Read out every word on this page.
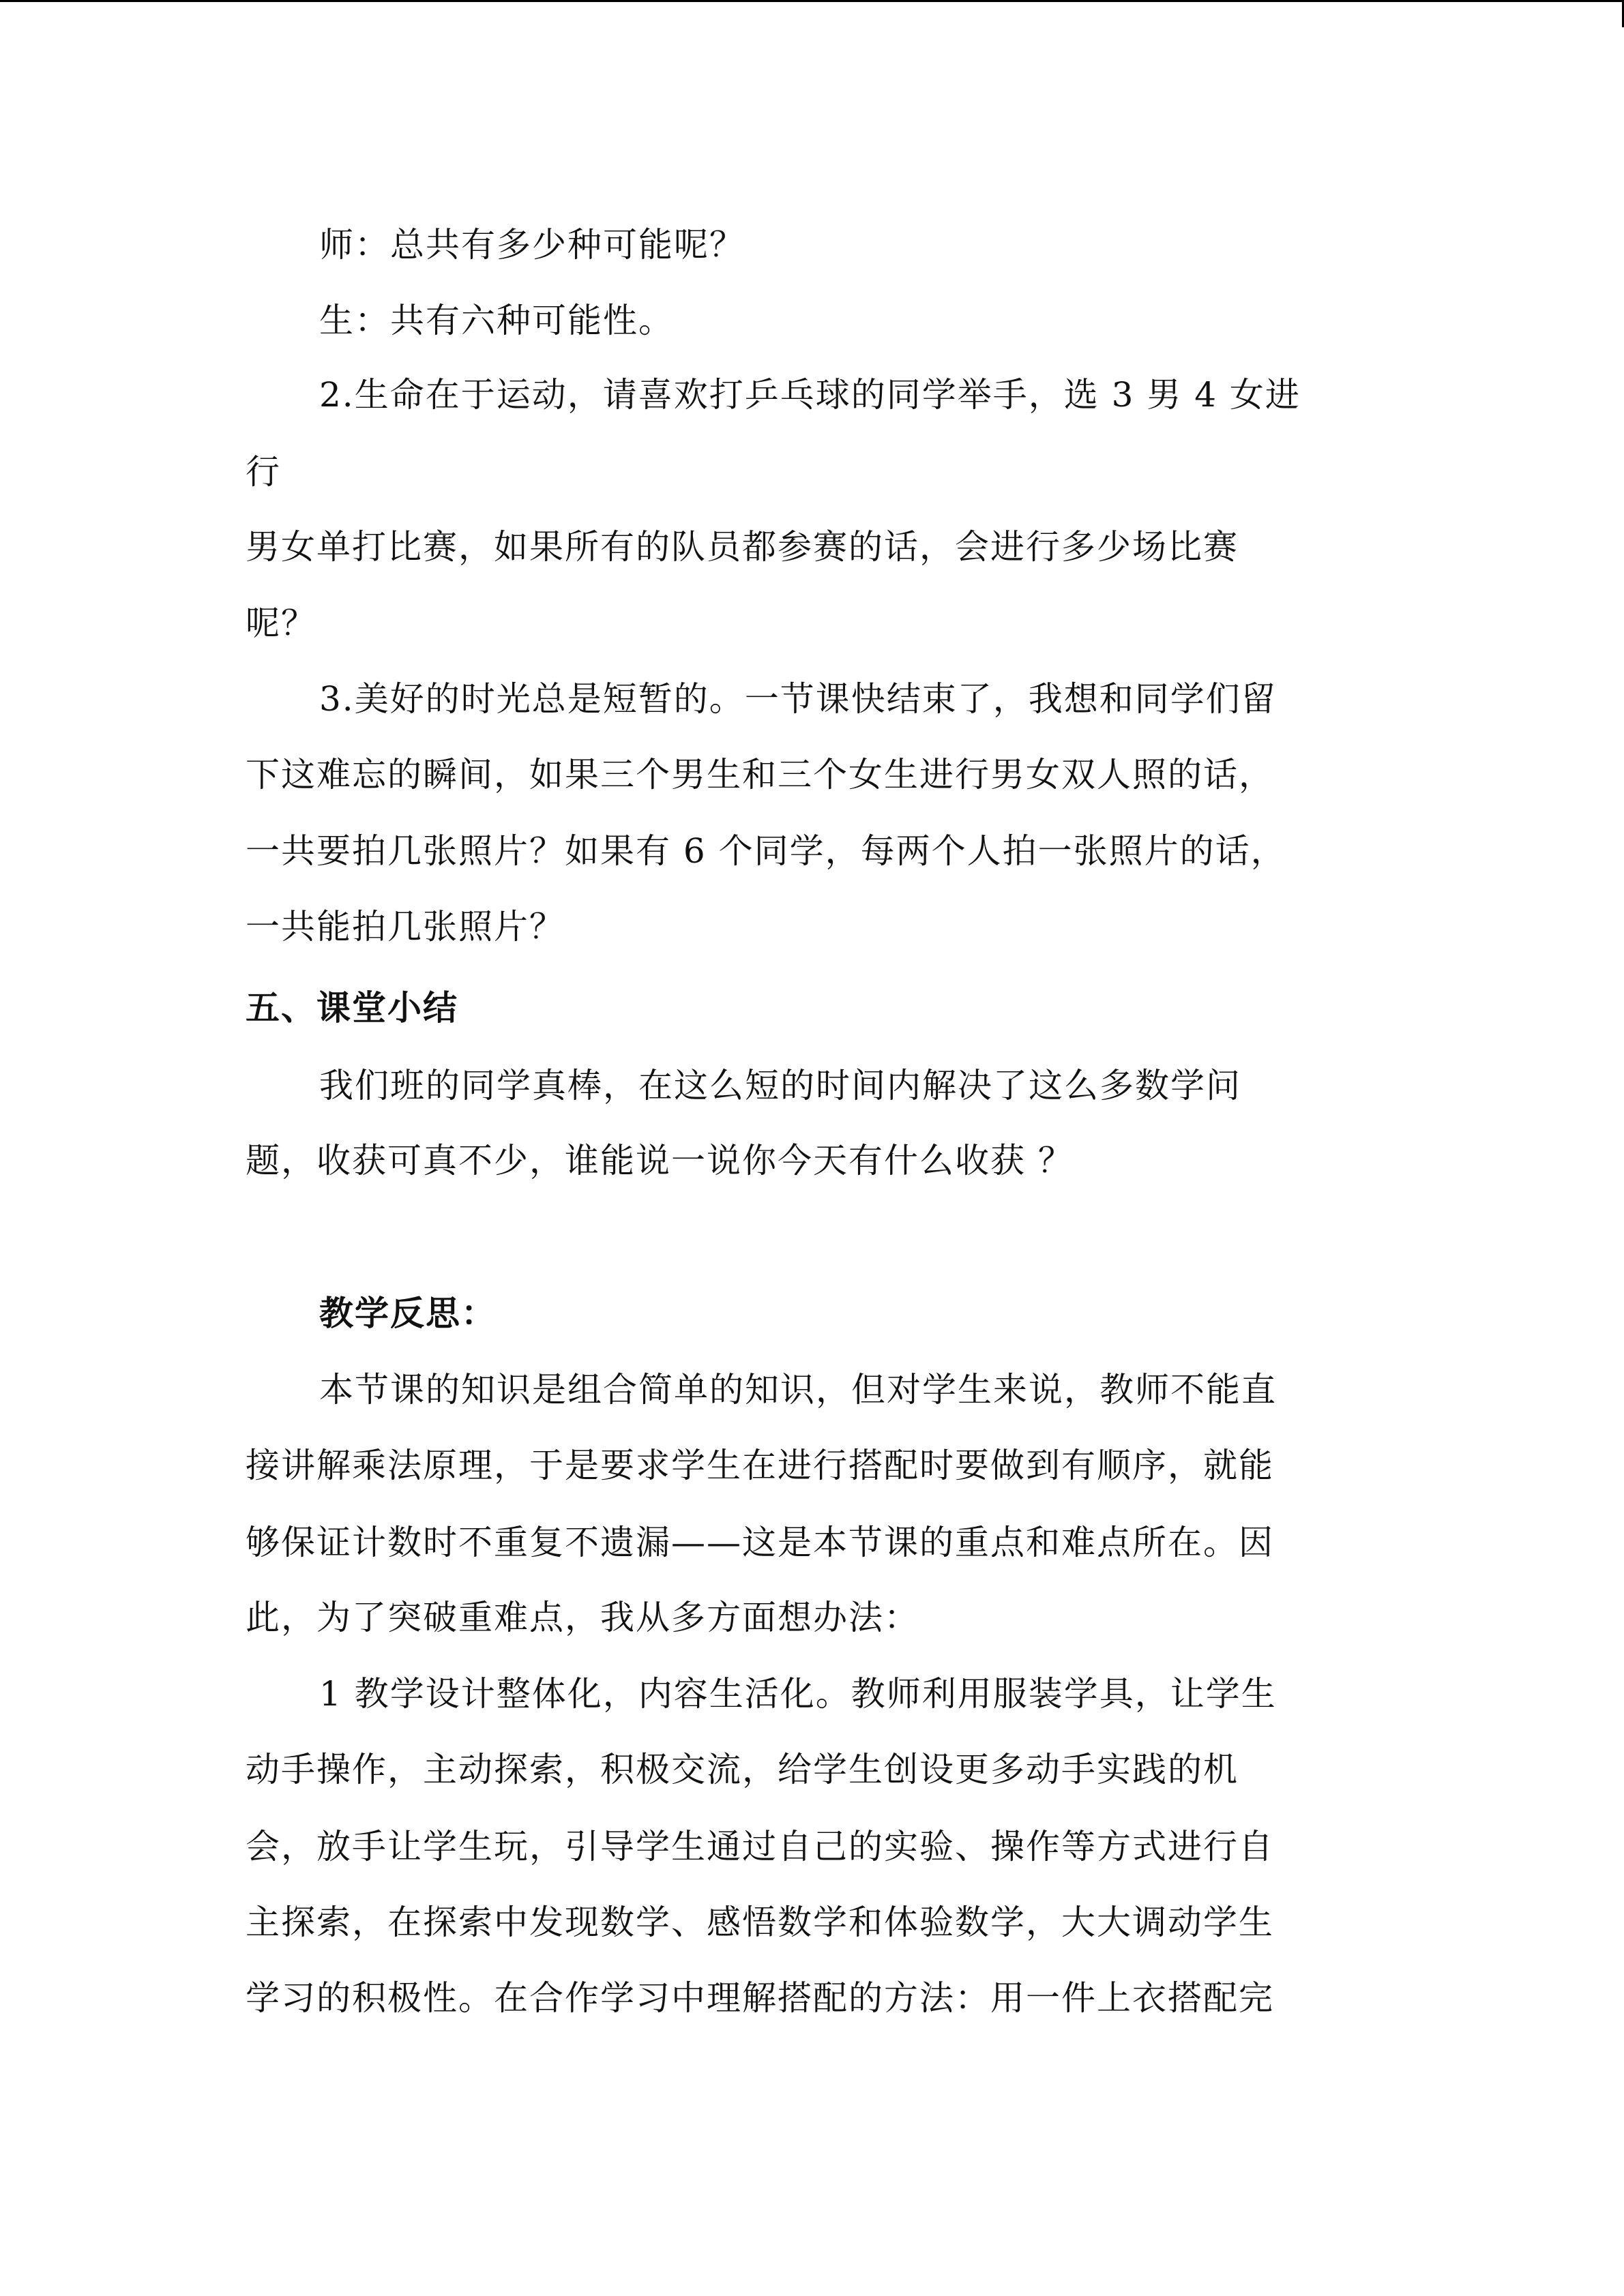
师：总共有多少种可能呢？
生：共有六种可能性。
2.生命在于运动，请喜欢打乒乓球的同学举手，选 3 男 4 女进
行
男女单打比赛，如果所有的队员都参赛的话，会进行多少场比赛
呢？
3.美好的时光总是短暂的。一节课快结束了，我想和同学们留
下这难忘的瞬间，如果三个男生和三个女生进行男女双人照的话，
一共要拍几张照片？如果有 6 个同学，每两个人拍一张照片的话，
一共能拍几张照片？
五、课堂小结
我们班的同学真棒，在这么短的时间内解决了这么多数学问
题，收获可真不少，谁能说一说你今天有什么收获 ？
教学反思：
本节课的知识是组合简单的知识，但对学生来说，教师不能直
接讲解乘法原理，于是要求学生在进行搭配时要做到有顺序，就能
够保证计数时不重复不遗漏——这是本节课的重点和难点所在。因
此，为了突破重难点，我从多方面想办法：
1 教学设计整体化，内容生活化。教师利用服装学具，让学生
动手操作，主动探索，积极交流，给学生创设更多动手实践的机
会，放手让学生玩，引导学生通过自己的实验、操作等方式进行自
主探索，在探索中发现数学、感悟数学和体验数学，大大调动学生
学习的积极性。在合作学习中理解搭配的方法：用一件上衣搭配完
